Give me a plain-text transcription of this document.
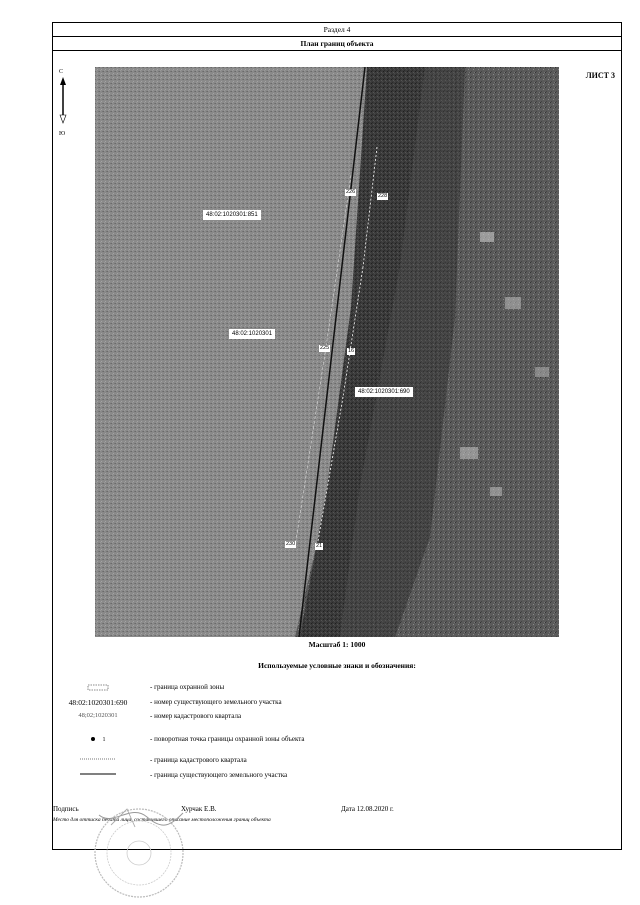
Раздел 4
План границ объекта
ЛИСТ 3
С
Ю
48:02:1020301:851
48:02:1020301
48:02:1020301:690
226
228
225	16
230	21
Масштаб 1: 1000
Используемые условные знаки и обозначения:
- граница охранной зоны
48:02:1020301:690	- номер существующего земельного участка
48;02;1020301	- номер кадастрового квартала
1	- поворотная точка границы охранной зоны объекта
- граница кадастрового квартала
- граница существующего земельного участка
Подпись	Хурчак Е.В.	Дата 12.08.2020 г.
Место для оттиска печати лица, составившего описание местоположения границ объекта
